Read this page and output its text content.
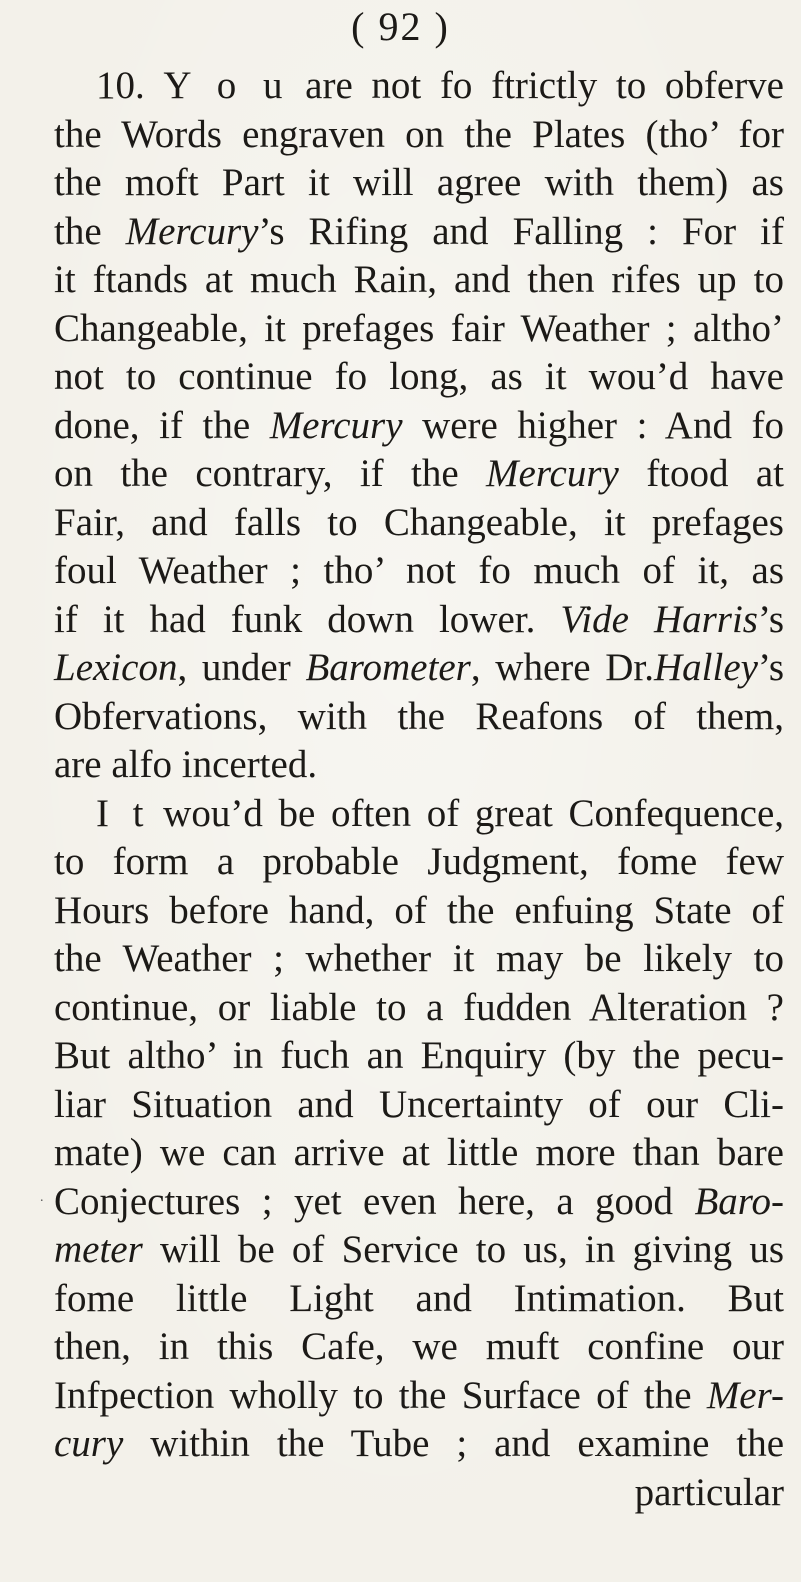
( 92 )
10. Y o u are not fo ftrictly to obferve
the Words engraven on the Plates (tho’ for
the moft Part it will agree with them) as
the Mercury’s Rifing and Falling : For if
it ftands at much Rain, and then rifes up to
Changeable, it prefages fair Weather ; altho’
not to continue fo long, as it wou’d have
done, if the Mercury were higher : And fo
on the contrary, if the Mercury ftood at
Fair, and falls to Changeable, it prefages
foul Weather ; tho’ not fo much of it, as
if it had funk down lower. Vide Harris’s
Lexicon, under Barometer, where Dr.Halley’s
Obfervations, with the Reafons of them,
are alfo incerted.
I t wou’d be often of great Confequence,
to form a probable Judgment, fome few
Hours before hand, of the enfuing State of
the Weather ; whether it may be likely to
continue, or liable to a fudden Alteration ?
But altho’ in fuch an Enquiry (by the pecu-
liar Situation and Uncertainty of our Cli-
mate) we can arrive at little more than bare
Conjectures ; yet even here, a good Baro-
meter will be of Service to us, in giving us
fome little Light and Intimation. But
then, in this Cafe, we muft confine our
Infpection wholly to the Surface of the Mer-
cury within the Tube ; and examine the
particular
.
